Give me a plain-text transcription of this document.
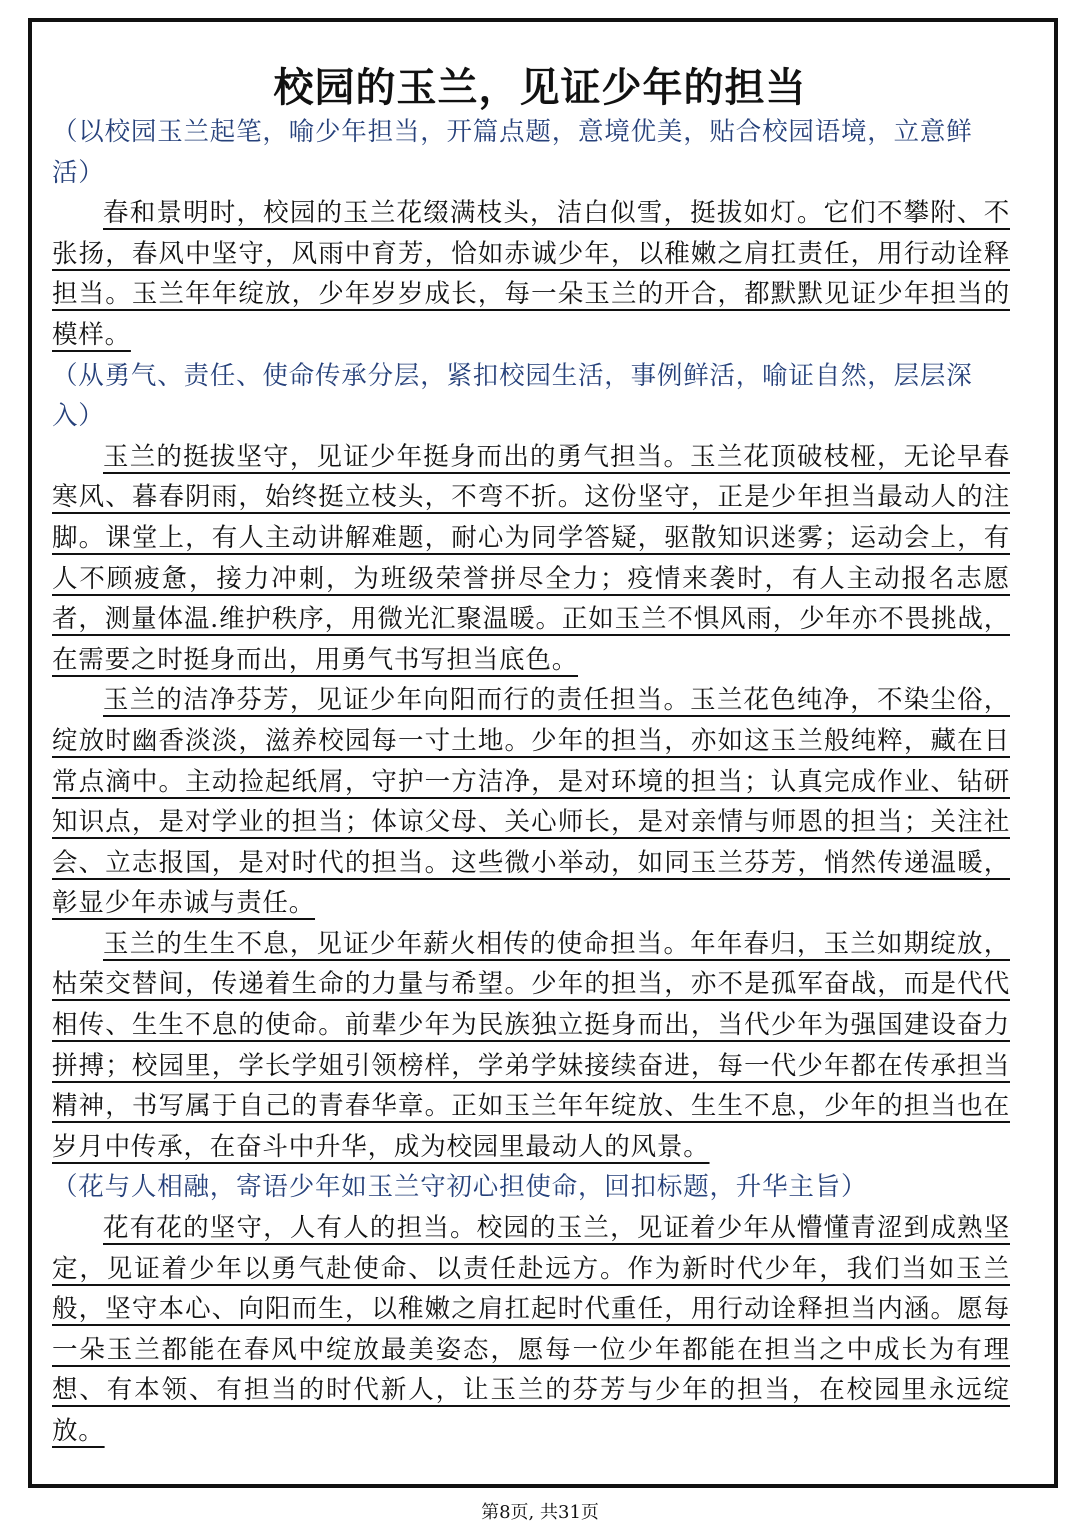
校园的玉兰，见证少年的担当

（以校园玉兰起笔，喻少年担当，开篇点题，意境优美，贴合校园语境，立意鲜活）

春和景明时，校园的玉兰花缀满枝头，洁白似雪，挺拔如灯。它们不攀附、不张扬，春风中坚守，风雨中育芳，恰如赤诚少年，以稚嫩之肩扛责任，用行动诠释担当。玉兰年年绽放，少年岁岁成长，每一朵玉兰的开合，都默默见证少年担当的模样。

（从勇气、责任、使命传承分层，紧扣校园生活，事例鲜活，喻证自然，层层深入）

玉兰的挺拔坚守，见证少年挺身而出的勇气担当。玉兰花顶破枝桠，无论早春寒风、暮春阴雨，始终挺立枝头，不弯不折。这份坚守，正是少年担当最动人的注脚。课堂上，有人主动讲解难题，耐心为同学答疑，驱散知识迷雾；运动会上，有人不顾疲惫，接力冲刺，为班级荣誉拼尽全力；疫情来袭时，有人主动报名志愿者，测量体温.维护秩序，用微光汇聚温暖。正如玉兰不惧风雨，少年亦不畏挑战，在需要之时挺身而出，用勇气书写担当底色。

玉兰的洁净芬芳，见证少年向阳而行的责任担当。玉兰花色纯净，不染尘俗，绽放时幽香淡淡，滋养校园每一寸土地。少年的担当，亦如这玉兰般纯粹，藏在日常点滴中。主动捡起纸屑，守护一方洁净，是对环境的担当；认真完成作业、钻研知识点，是对学业的担当；体谅父母、关心师长，是对亲情与师恩的担当；关注社会、立志报国，是对时代的担当。这些微小举动，如同玉兰芬芳，悄然传递温暖，彰显少年赤诚与责任。

玉兰的生生不息，见证少年薪火相传的使命担当。年年春归，玉兰如期绽放，枯荣交替间，传递着生命的力量与希望。少年的担当，亦不是孤军奋战，而是代代相传、生生不息的使命。前辈少年为民族独立挺身而出，当代少年为强国建设奋力拼搏；校园里，学长学姐引领榜样，学弟学妹接续奋进，每一代少年都在传承担当精神，书写属于自己的青春华章。正如玉兰年年绽放、生生不息，少年的担当也在岁月中传承，在奋斗中升华，成为校园里最动人的风景。

（花与人相融，寄语少年如玉兰守初心担使命，回扣标题，升华主旨）

花有花的坚守，人有人的担当。校园的玉兰，见证着少年从懵懂青涩到成熟坚定，见证着少年以勇气赴使命、以责任赴远方。作为新时代少年，我们当如玉兰般，坚守本心、向阳而生，以稚嫩之肩扛起时代重任，用行动诠释担当内涵。愿每一朵玉兰都能在春风中绽放最美姿态，愿每一位少年都能在担当之中成长为有理想、有本领、有担当的时代新人，让玉兰的芬芳与少年的担当，在校园里永远绽放。

第8页, 共31页
